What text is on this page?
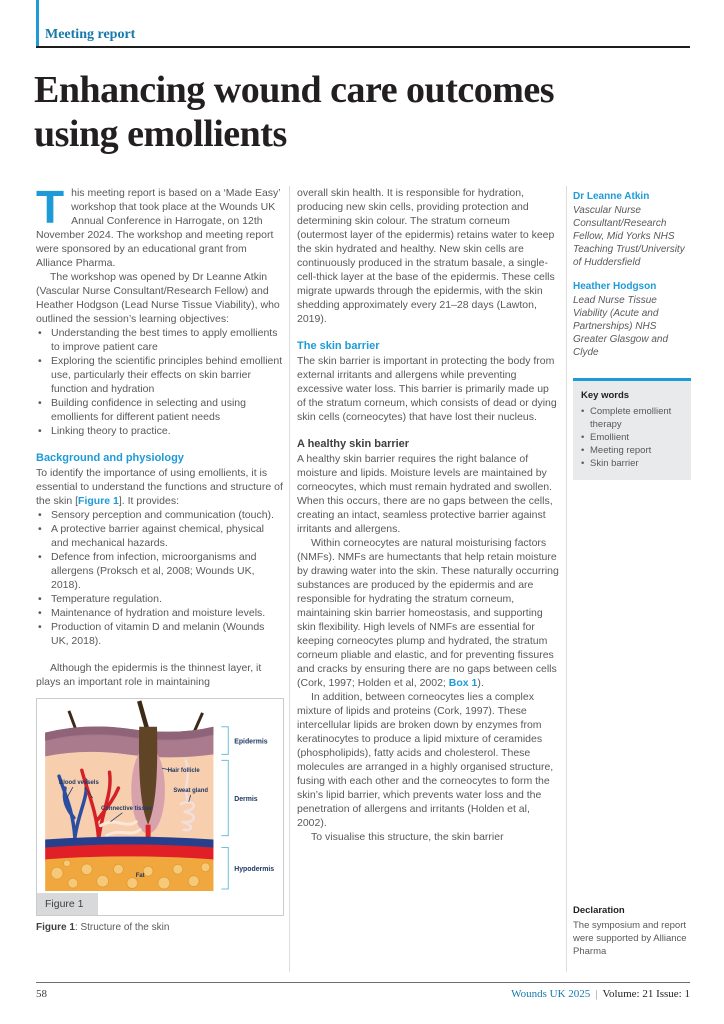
Meeting report
Enhancing wound care outcomes using emollients

This meeting report is based on a ‘Made Easy’ workshop that took place at the Wounds UK Annual Conference in Harrogate, on 12th November 2024. The workshop and meeting report were sponsored by an educational grant from Alliance Pharma.

The workshop was opened by Dr Leanne Atkin (Vascular Nurse Consultant/Research Fellow) and Heather Hodgson (Lead Nurse Tissue Viability), who outlined the session’s learning objectives:

• Understanding the best times to apply emollients to improve patient care
• Exploring the scientific principles behind emollient use, particularly their effects on skin barrier function and hydration
• Building confidence in selecting and using emollients for different patient needs
• Linking theory to practice.
Background and physiology

To identify the importance of using emollients, it is essential to understand the functions and structure of the skin [Figure 1]. It provides:

• Sensory perception and communication (touch).
• A protective barrier against chemical, physical and mechanical hazards.
• Defence from infection, microorganisms and allergens (Proksch et al, 2008; Wounds UK, 2018).
• Temperature regulation.
• Maintenance of hydration and moisture levels.
• Production of vitamin D and melanin (Wounds UK, 2018).

Although the epidermis is the thinnest layer, it plays an important role in maintaining

Blood vessels
Connective tissue
Hair follicle
Sweat gland
Fat
Epidermis
Dermis
Hypodermis
Figure 1

Figure 1: Structure of the skin

overall skin health. It is responsible for hydration, producing new skin cells, providing protection and determining skin colour. The stratum corneum (outermost layer of the epidermis) retains water to keep the skin hydrated and healthy. New skin cells are continuously produced in the stratum basale, a single-cell-thick layer at the base of the epidermis. These cells migrate upwards through the epidermis, with the skin shedding approximately every 21–28 days (Lawton, 2019).

The skin barrier

The skin barrier is important in protecting the body from external irritants and allergens while preventing excessive water loss. This barrier is primarily made up of the stratum corneum, which consists of dead or dying skin cells (corneocytes) that have lost their nucleus.

A healthy skin barrier

A healthy skin barrier requires the right balance of moisture and lipids. Moisture levels are maintained by corneocytes, which must remain hydrated and swollen. When this occurs, there are no gaps between the cells, creating an intact, seamless protective barrier against irritants and allergens.

Within corneocytes are natural moisturising factors (NMFs). NMFs are humectants that help retain moisture by drawing water into the skin. These naturally occurring substances are produced by the epidermis and are responsible for hydrating the stratum corneum, maintaining skin barrier homeostasis, and supporting skin flexibility. High levels of NMFs are essential for keeping corneocytes plump and hydrated, the stratum corneum pliable and elastic, and for preventing fissures and cracks by ensuring there are no gaps between cells (Cork, 1997; Holden et al, 2002; Box 1).

In addition, between corneocytes lies a complex mixture of lipids and proteins (Cork, 1997). These intercellular lipids are broken down by enzymes from keratinocytes to produce a lipid mixture of ceramides (phospholipids), fatty acids and cholesterol. These molecules are arranged in a highly organised structure, fusing with each other and the corneocytes to form the skin’s lipid barrier, which prevents water loss and the penetration of allergens and irritants (Holden et al, 2002).

To visualise this structure, the skin barrier

Dr Leanne Atkin
Vascular Nurse Consultant/Research Fellow, Mid Yorks NHS Teaching Trust/University of Huddersfield
Heather Hodgson
Lead Nurse Tissue Viability (Acute and Partnerships) NHS Greater Glasgow and Clyde
Key words
• Complete emollient therapy
• Emollient
• Meeting report
• Skin barrier
Declaration
The symposium and report were supported by Alliance Pharma
58	Wounds UK 2025 | Volume: 21 Issue: 1
